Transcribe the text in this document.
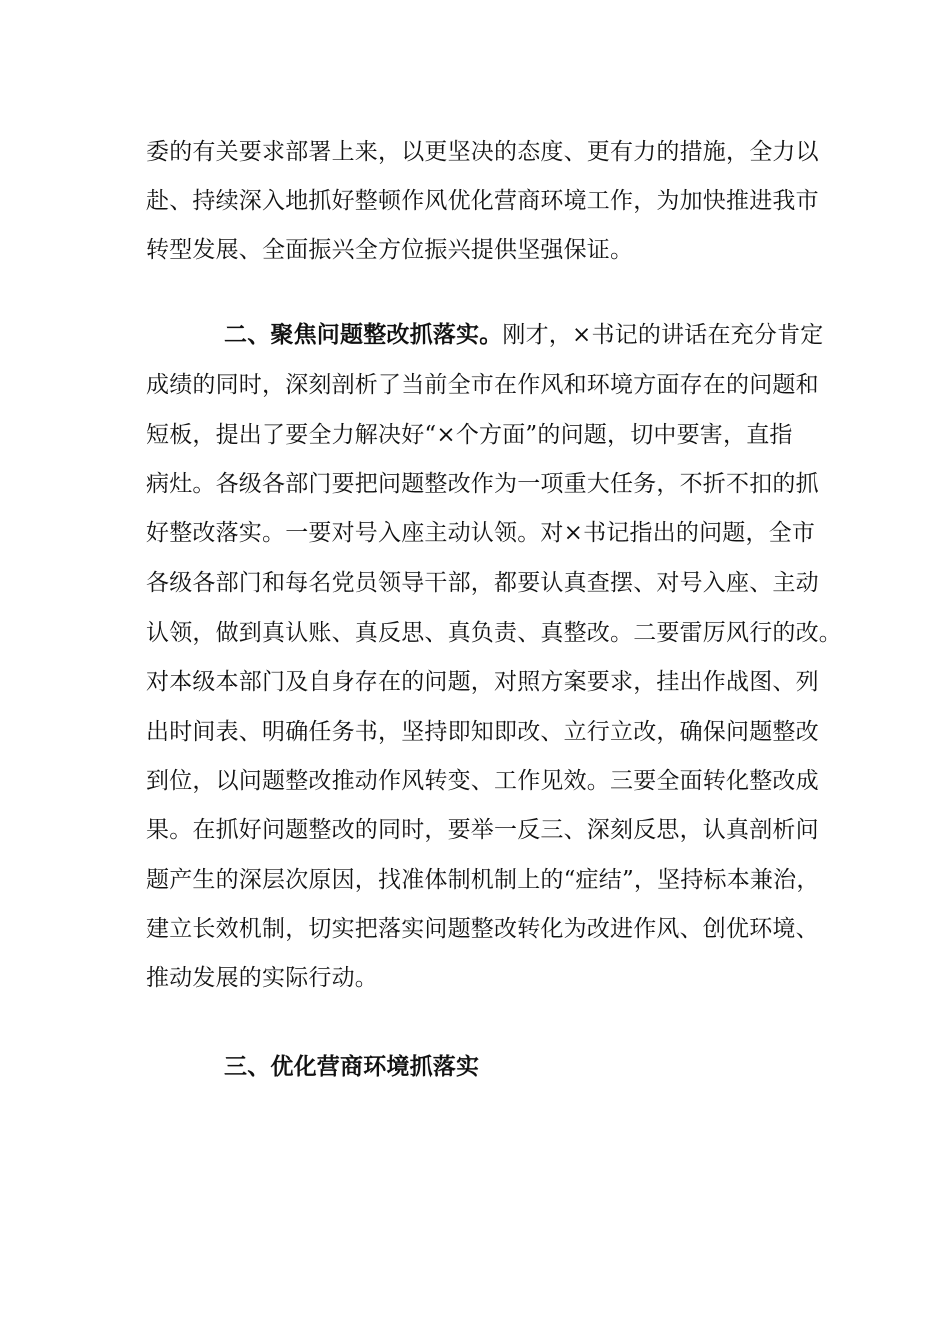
委的有关要求部署上来，以更坚决的态度、更有力的措施，全力以
赴、持续深入地抓好整顿作风优化营商环境工作，为加快推进我市
转型发展、全面振兴全方位振兴提供坚强保证。
二、聚焦问题整改抓落实。刚才，×书记的讲话在充分肯定
成绩的同时，深刻剖析了当前全市在作风和环境方面存在的问题和
短板，提出了要全力解决好“×个方面”的问题，切中要害，直指
病灶。各级各部门要把问题整改作为一项重大任务，不折不扣的抓
好整改落实。一要对号入座主动认领。对×书记指出的问题，全市
各级各部门和每名党员领导干部，都要认真查摆、对号入座、主动
认领，做到真认账、真反思、真负责、真整改。二要雷厉风行的改。
对本级本部门及自身存在的问题，对照方案要求，挂出作战图、列
出时间表、明确任务书，坚持即知即改、立行立改，确保问题整改
到位，以问题整改推动作风转变、工作见效。三要全面转化整改成
果。在抓好问题整改的同时，要举一反三、深刻反思，认真剖析问
题产生的深层次原因，找准体制机制上的“症结”，坚持标本兼治，
建立长效机制，切实把落实问题整改转化为改进作风、创优环境、
推动发展的实际行动。
三、优化营商环境抓落实
